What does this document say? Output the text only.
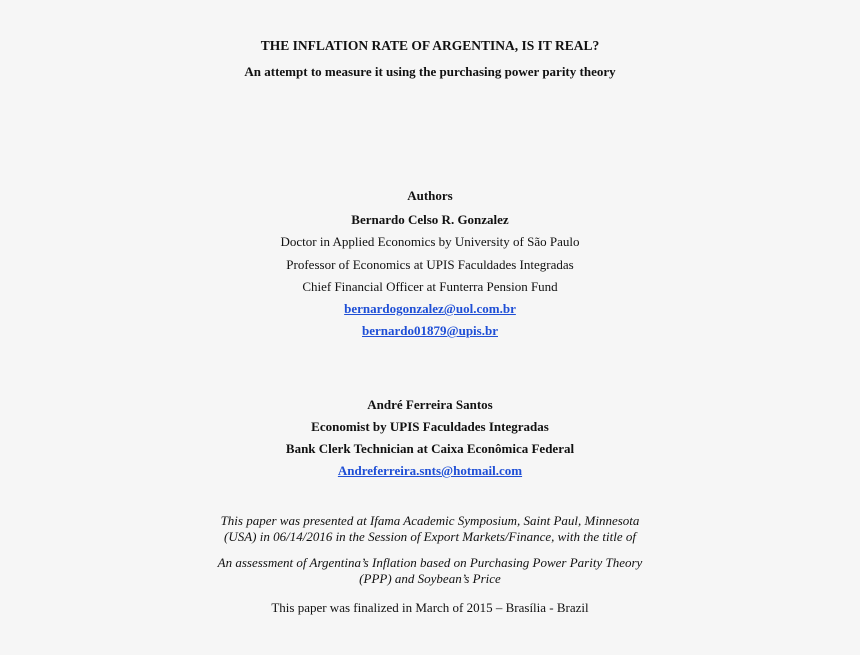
THE INFLATION RATE OF ARGENTINA, IS IT REAL?
An attempt to measure it using the purchasing power parity theory
Authors
Bernardo Celso R. Gonzalez
Doctor in Applied Economics by University of São Paulo
Professor of Economics at UPIS Faculdades Integradas
Chief Financial Officer at Funterra Pension Fund
bernardogonzalez@uol.com.br
bernardo01879@upis.br
André Ferreira Santos
Economist by UPIS Faculdades Integradas
Bank Clerk Technician at Caixa Econômica Federal
Andreferreira.snts@hotmail.com
This paper was presented at Ifama Academic Symposium, Saint Paul, Minnesota
(USA) in 06/14/2016 in the Session of Export Markets/Finance, with the title of
An assessment of Argentina’s Inflation based on Purchasing Power Parity Theory
(PPP) and Soybean’s Price
This paper was finalized in March of 2015 – Brasília - Brazil
